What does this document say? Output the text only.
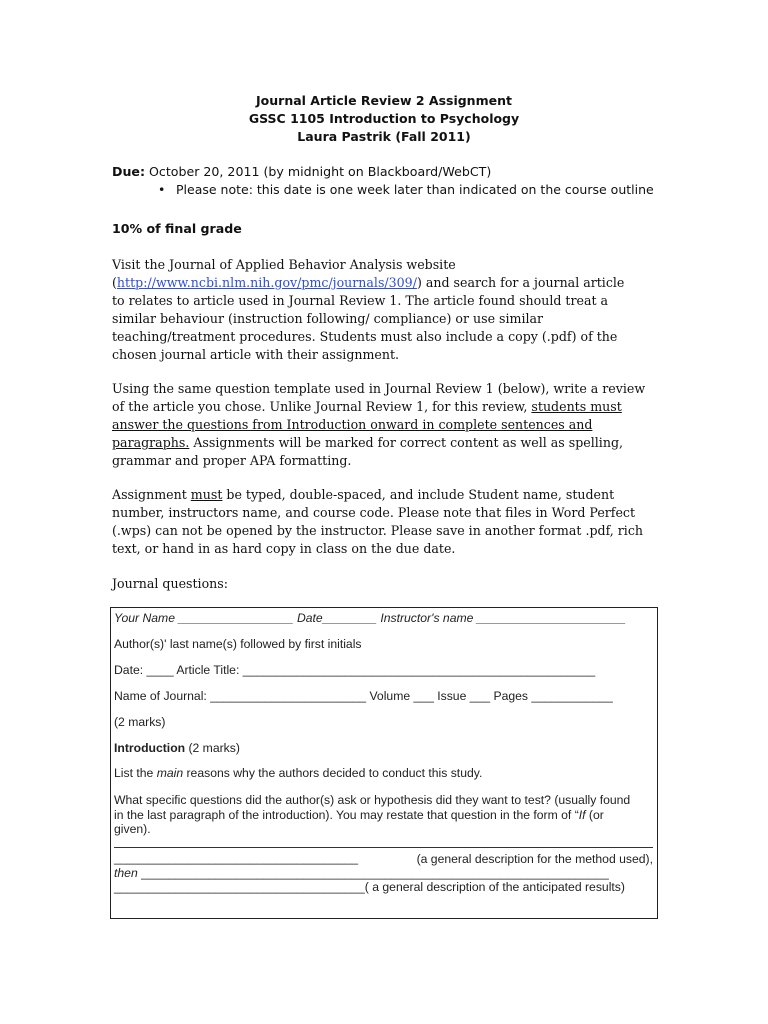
Journal Article Review 2 Assignment
GSSC 1105 Introduction to Psychology
Laura Pastrik (Fall 2011)
Due: October 20, 2011 (by midnight on Blackboard/WebCT)
• Please note: this date is one week later than indicated on the course outline
10% of final grade
Visit the Journal of Applied Behavior Analysis website
(http://www.ncbi.nlm.nih.gov/pmc/journals/309/) and search for a journal article
to relates to article used in Journal Review 1. The article found should treat a
similar behaviour (instruction following/ compliance) or use similar
teaching/treatment procedures. Students must also include a copy (.pdf) of the
chosen journal article with their assignment.
Using the same question template used in Journal Review 1 (below), write a review
of the article you chose. Unlike Journal Review 1, for this review, students must
answer the questions from Introduction onward in complete sentences and
paragraphs. Assignments will be marked for correct content as well as spelling,
grammar and proper APA formatting.
Assignment must be typed, double-spaced, and include Student name, student
number, instructors name, and course code. Please note that files in Word Perfect
(.wps) can not be opened by the instructor. Please save in another format .pdf, rich
text, or hand in as hard copy in class on the due date.
Journal questions:
Your Name _________________ Date________ Instructor's name ______________________
Author(s)' last name(s) followed by first initials
Date: ____ Article Title: ____________________________________________________
Name of Journal: _______________________ Volume ___ Issue ___ Pages ____________
(2 marks)
Introduction (2 marks)
List the main reasons why the authors decided to conduct this study.
What specific questions did the author(s) ask or hypothesis did they want to test? (usually found
in the last paragraph of the introduction). You may restate that question in the form of “If (or
given).
____________________________________	(a general description for the method used),
then _____________________________________________________________________
_____________________________________( a general description of the anticipated results)
